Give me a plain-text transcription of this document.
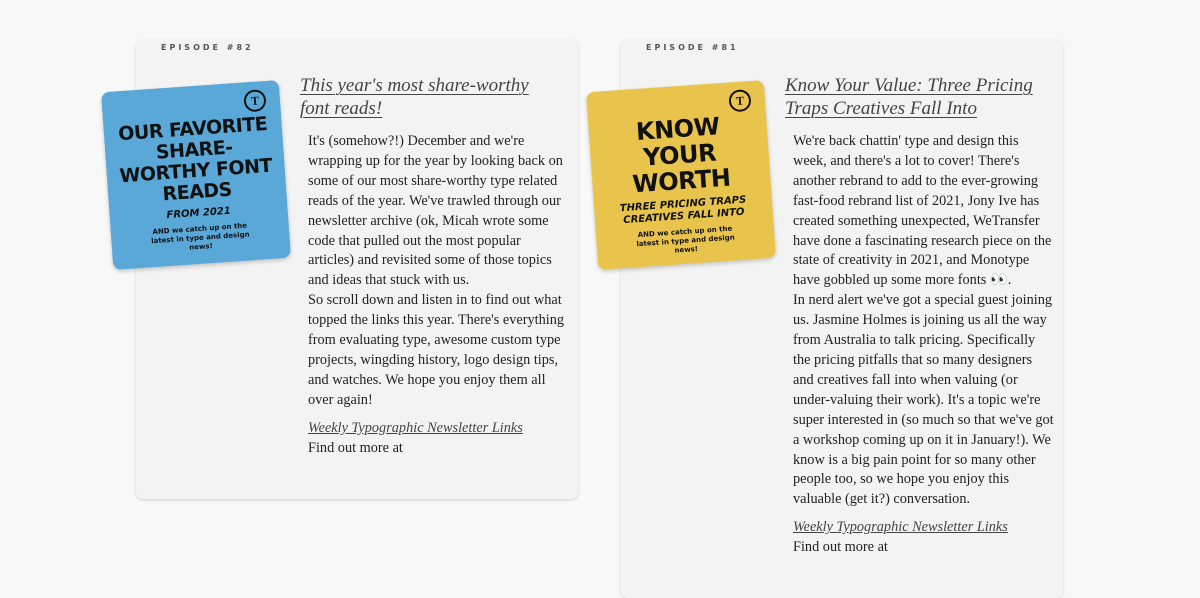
EPISODE #82
T
OUR FAVORITE SHARE-WORTHY FONT READS
FROM 2021
AND we catch up on the latest in type and design news!
This year's most share-worthy font reads!

It's (somehow?!) December and we're wrapping up for the year by looking back on some of our most share-worthy type related reads of the year. We've trawled through our newsletter archive (ok, Micah wrote some code that pulled out the most popular articles) and revisited some of those topics and ideas that stuck with us.

So scroll down and listen in to find out what topped the links this year. There's everything from evaluating type, awesome custom type projects, wingding history, logo design tips, and watches. We hope you enjoy them all over again!

Weekly Typographic Newsletter Links

Find out more at

EPISODE #81
T
KNOW YOUR WORTH
THREE PRICING TRAPS CREATIVES FALL INTO
AND we catch up on the latest in type and design news!
Know Your Value: Three Pricing Traps Creatives Fall Into

We're back chattin' type and design this week, and there's a lot to cover! There's another rebrand to add to the ever-growing fast-food rebrand list of 2021, Jony Ive has created something unexpected, WeTransfer have done a fascinating research piece on the state of creativity in 2021, and Monotype have gobbled up some more fonts 👀.

In nerd alert we've got a special guest joining us. Jasmine Holmes is joining us all the way from Australia to talk pricing. Specifically the pricing pitfalls that so many designers and creatives fall into when valuing (or under-valuing their work). It's a topic we're super interested in (so much so that we've got a workshop coming up on it in January!). We know is a big pain point for so many other people too, so we hope you enjoy this valuable (get it?) conversation.

Weekly Typographic Newsletter Links

Find out more at
